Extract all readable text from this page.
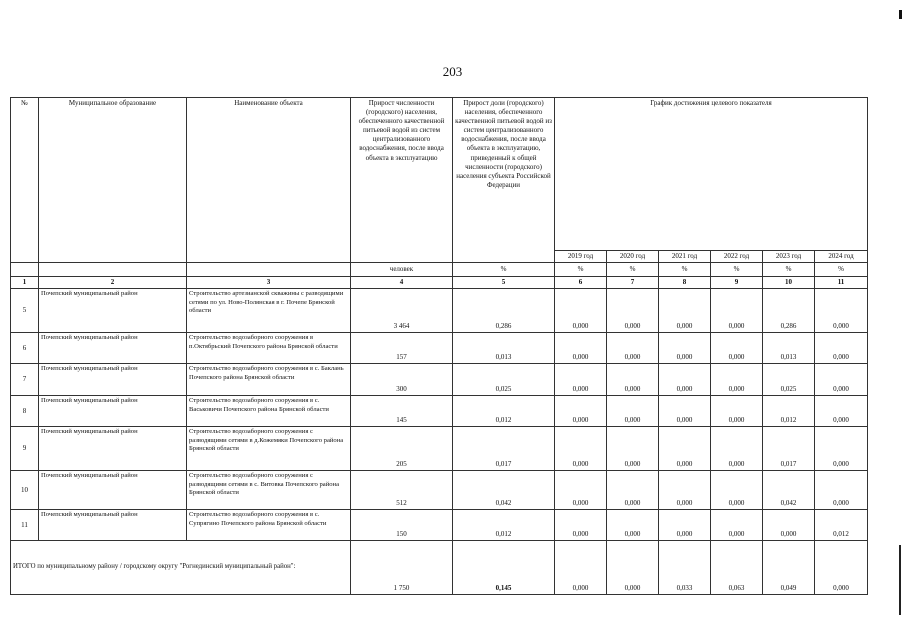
203
№	Муниципальное образование	Наименование объекта	Прирост численности (городского) населения, обеспеченного качественной питьевой водой из систем централизованного водоснабжения, после ввода объекта в эксплуатацию	Прирост доли (городского) населения, обеспеченного качественной питьевой водой из систем централизованного водоснабжения, после ввода объекта в эксплуатацию, приведенный к общей численности (городского) населения субъекта Российской Федерации	График достижения целевого показателя					
					2019 год	2020 год	2021 год	2022 год	2023 год	2024 год
			человек	%	%	%	%	%	%	%
1	2	3	4	5	6	7	8	9	10	11
5	Почепский муниципальный район	Строительство артезианской скважины с разводящими сетями по ул. Ново-Полянская в г. Почепе Брянской области	3 464	0,286	0,000	0,000	0,000	0,000	0,286	0,000
6	Почепский муниципальный район	Строительство водозаборного сооружения в п.Октябрьский Почепского района Брянской области	157	0,013	0,000	0,000	0,000	0,000	0,013	0,000
7	Почепский муниципальный район	Строительство водозаборного сооружения в с. Баклань Почепского района Брянской области	300	0,025	0,000	0,000	0,000	0,000	0,025	0,000
8	Почепский муниципальный район	Строительство водозаборного сооружения в с. Васьковичи Почепского района Брянской области	145	0,012	0,000	0,000	0,000	0,000	0,012	0,000
9	Почепский муниципальный район	Строительство водозаборного сооружения с разводящими сетями в д.Кожемяки Почепского района Брянской области	205	0,017	0,000	0,000	0,000	0,000	0,017	0,000
10	Почепский муниципальный район	Строительство водозаборного сооружения с разводящими сетями в с. Витовка Почепского района Брянской области	512	0,042	0,000	0,000	0,000	0,000	0,042	0,000
11	Почепский муниципальный район	Строительство водозаборного сооружения в с. Супрягино Почепского района Брянской области	150	0,012	0,000	0,000	0,000	0,000	0,000	0,012
ИТОГО по муниципальному району / городскому округу "Рогнединский муниципальный район":			1 750	0,145	0,000	0,000	0,033	0,063	0,049	0,000
